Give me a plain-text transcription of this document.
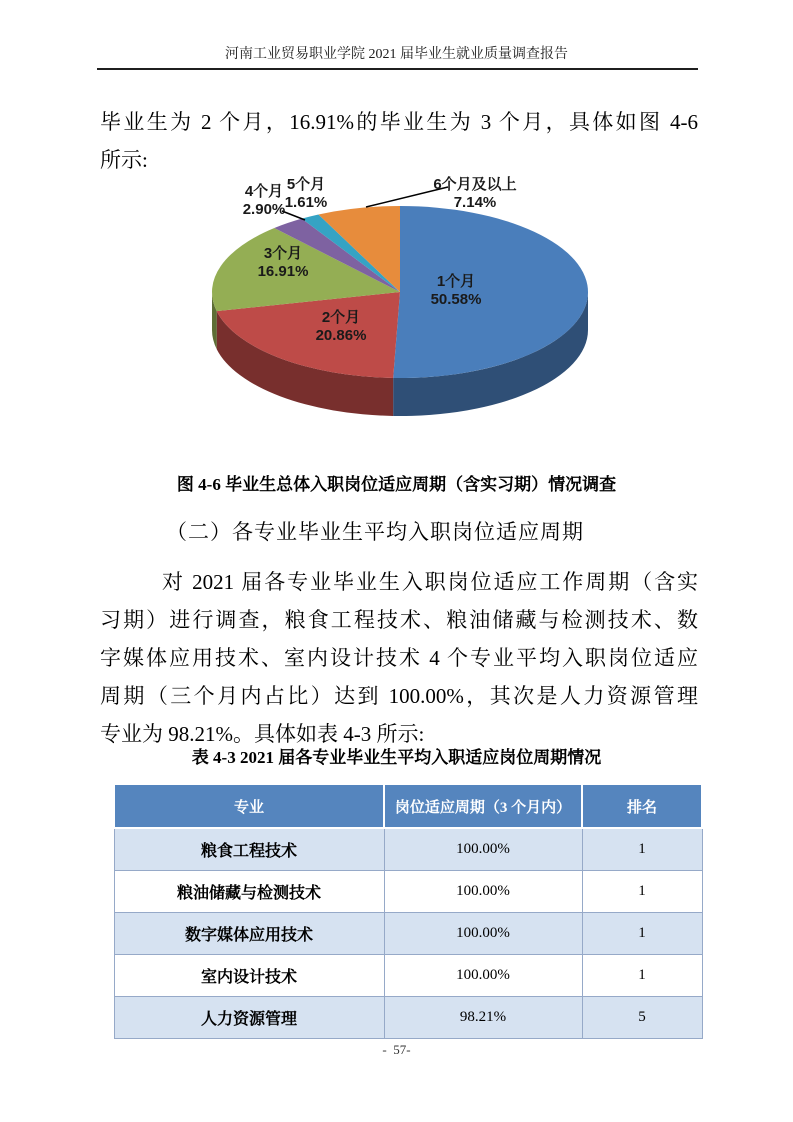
河南工业贸易职业学院 2021 届毕业生就业质量调查报告
毕业生为 2 个月，16.91%的毕业生为 3 个月，具体如图 4-6
所示:
1个月
50.58%
2个月
20.86%
3个月
16.91%
4个月
2.90%
5个月
1.61%
6个月及以上
7.14%
图 4-6 毕业生总体入职岗位适应周期（含实习期）情况调查
（二）各专业毕业生平均入职岗位适应周期
对 2021 届各专业毕业生入职岗位适应工作周期（含实
习期）进行调查，粮食工程技术、粮油储藏与检测技术、数
字媒体应用技术、室内设计技术 4 个专业平均入职岗位适应
周期（三个月内占比）达到 100.00%，其次是人力资源管理
专业为 98.21%。具体如表 4-3 所示:
表 4-3 2021 届各专业毕业生平均入职适应岗位周期情况
专业	岗位适应周期（3 个月内）	排名
粮食工程技术	100.00%	1
粮油储藏与检测技术	100.00%	1
数字媒体应用技术	100.00%	1
室内设计技术	100.00%	1
人力资源管理	98.21%	5
-  57-
